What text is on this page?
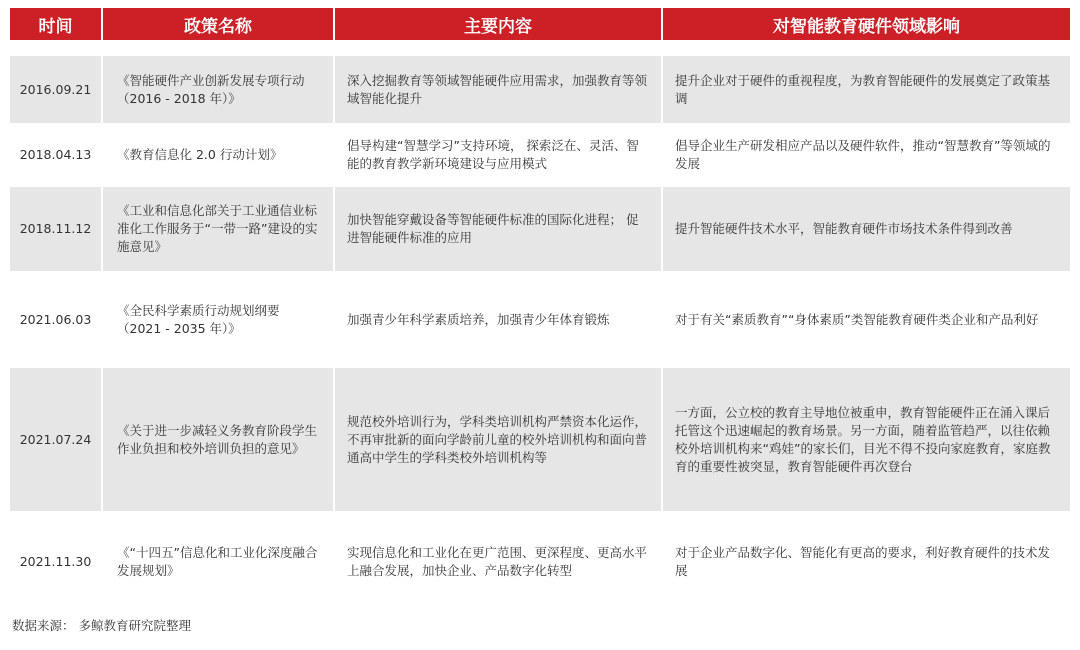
时间	政策名称	主要内容	对智能教育硬件领域影响

2016.09.21	《智能硬件产业创新发展专项行动（2016 - 2018 年）》	深入挖掘教育等领域智能硬件应用需求，加强教育等领域智能化提升	提升企业对于硬件的重视程度，为教育智能硬件的发展奠定了政策基调
2018.04.13	《教育信息化 2.0 行动计划》	倡导构建“智慧学习”支持环境， 探索泛在、灵活、智能的教育教学新环境建设与应用模式	倡导企业生产研发相应产品以及硬件软件，推动“智慧教育”等领域的发展
2018.11.12	《工业和信息化部关于工业通信业标准化工作服务于“一带一路”建设的实施意见》	加快智能穿戴设备等智能硬件标准的国际化进程； 促进智能硬件标准的应用	提升智能硬件技术水平，智能教育硬件市场技术条件得到改善
2021.06.03	《全民科学素质行动规划纲要（2021 - 2035 年）》	加强青少年科学素质培养，加强青少年体育锻炼	对于有关“素质教育”“身体素质”类智能教育硬件类企业和产品利好
2021.07.24	《关于进一步减轻义务教育阶段学生作业负担和校外培训负担的意见》	规范校外培训行为，学科类培训机构严禁资本化运作，不再审批新的面向学龄前儿童的校外培训机构和面向普通高中学生的学科类校外培训机构等	一方面，公立校的教育主导地位被重申，教育智能硬件正在涌入课后托管这个迅速崛起的教育场景。另一方面，随着监管趋严，以往依赖校外培训机构来“鸡娃”的家长们，目光不得不投向家庭教育，家庭教育的重要性被突显，教育智能硬件再次登台
2021.11.30	《“十四五”信息化和工业化深度融合发展规划》	实现信息化和工业化在更广范围、更深程度、更高水平上融合发展，加快企业、产品数字化转型	对于企业产品数字化、智能化有更高的要求，利好教育硬件的技术发展
数据来源： 多鲸教育研究院整理
